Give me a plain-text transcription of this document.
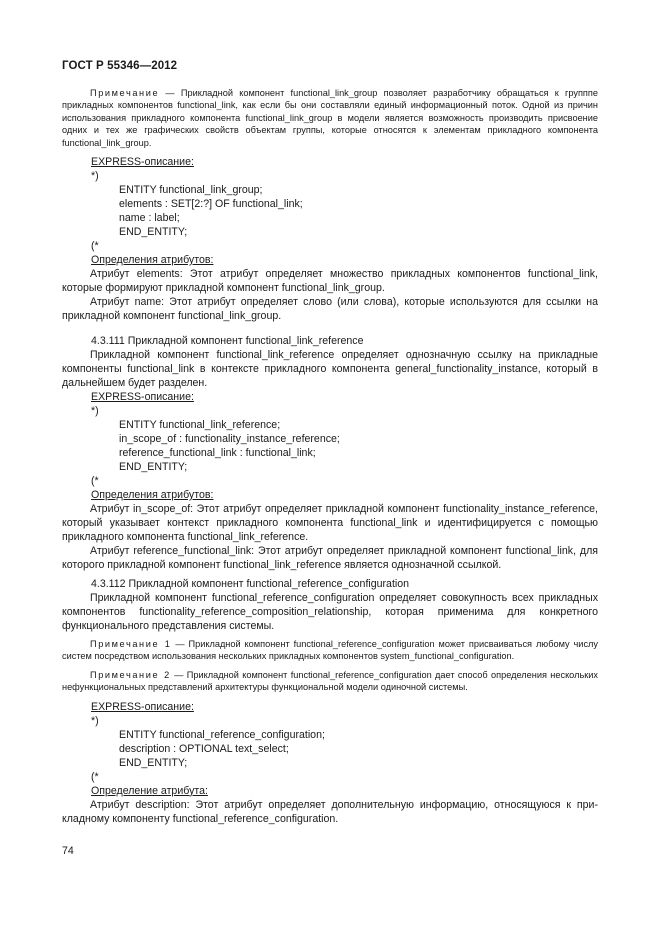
ГОСТ Р 55346—2012

Примечание — Прикладной компонент functional_link_group позволяет разработчику обращаться к групппе прикладных компонентов functional_link, как если бы они составляли единый информационный поток. Одной из причин использования прикладного компонента functional_link_group в модели является возможность производить присвоение одних и тех же графических свойств объектам группы, которые относятся к элементам прикладного компонента functional_link_group.

EXPRESS-описание:

*)

ENTITY functional_link_group;

elements : SET[2:?] OF functional_link;

name : label;

END_ENTITY;

(*

Определения атрибутов:

Атрибут elements: Этот атрибут определяет множество прикладных компонентов functional_link, которые формируют прикладной компонент functional_link_group.

Атрибут name: Этот атрибут определяет слово (или слова), которые используются для ссылки на прикладной компонент functional_link_group.

4.3.111 Прикладной компонент functional_link_reference

Прикладной компонент functional_link_reference определяет однозначную ссылку на прикладные компоненты functional_link в контексте прикладного компонента general_functionality_instance, который в дальнейшем будет разделен.

EXPRESS-описание:

*)

ENTITY functional_link_reference;

in_scope_of : functionality_instance_reference;

reference_functional_link : functional_link;

END_ENTITY;

(*

Определения атрибутов:

Атрибут in_scope_of: Этот атрибут определяет прикладной компонент functionality_instance_reference, который указывает контекст прикладного компонента functional_link и идентифицируется с помощью прикладного компонента functional_link_reference.

Атрибут reference_functional_link: Этот атрибут определяет прикладной компонент functional_link, для которого прикладной компонент functional_link_reference является однозначной ссылкой.

4.3.112 Прикладной компонент functional_reference_configuration

Прикладной компонент functional_reference_configuration определяет совокупность всех прикладных компонентов functionality_reference_composition_relationship, которая применима для конкретного функционального представления системы.

Примечание 1 — Прикладной компонент functional_reference_configuration может присваиваться любому числу систем посредством использования нескольких прикладных компонентов system_functional_configuration.

Примечание 2 — Прикладной компонент functional_reference_configuration дает способ определения нескольких нефункциональных представлений архитектуры функциональной модели одиночной системы.

EXPRESS-описание:

*)

ENTITY functional_reference_configuration;

description : OPTIONAL text_select;

END_ENTITY;

(*

Определение атрибута:

Атрибут description: Этот атрибут определяет дополнительную информацию, относящуюся к прикладному компоненту functional_reference_configuration.

74
